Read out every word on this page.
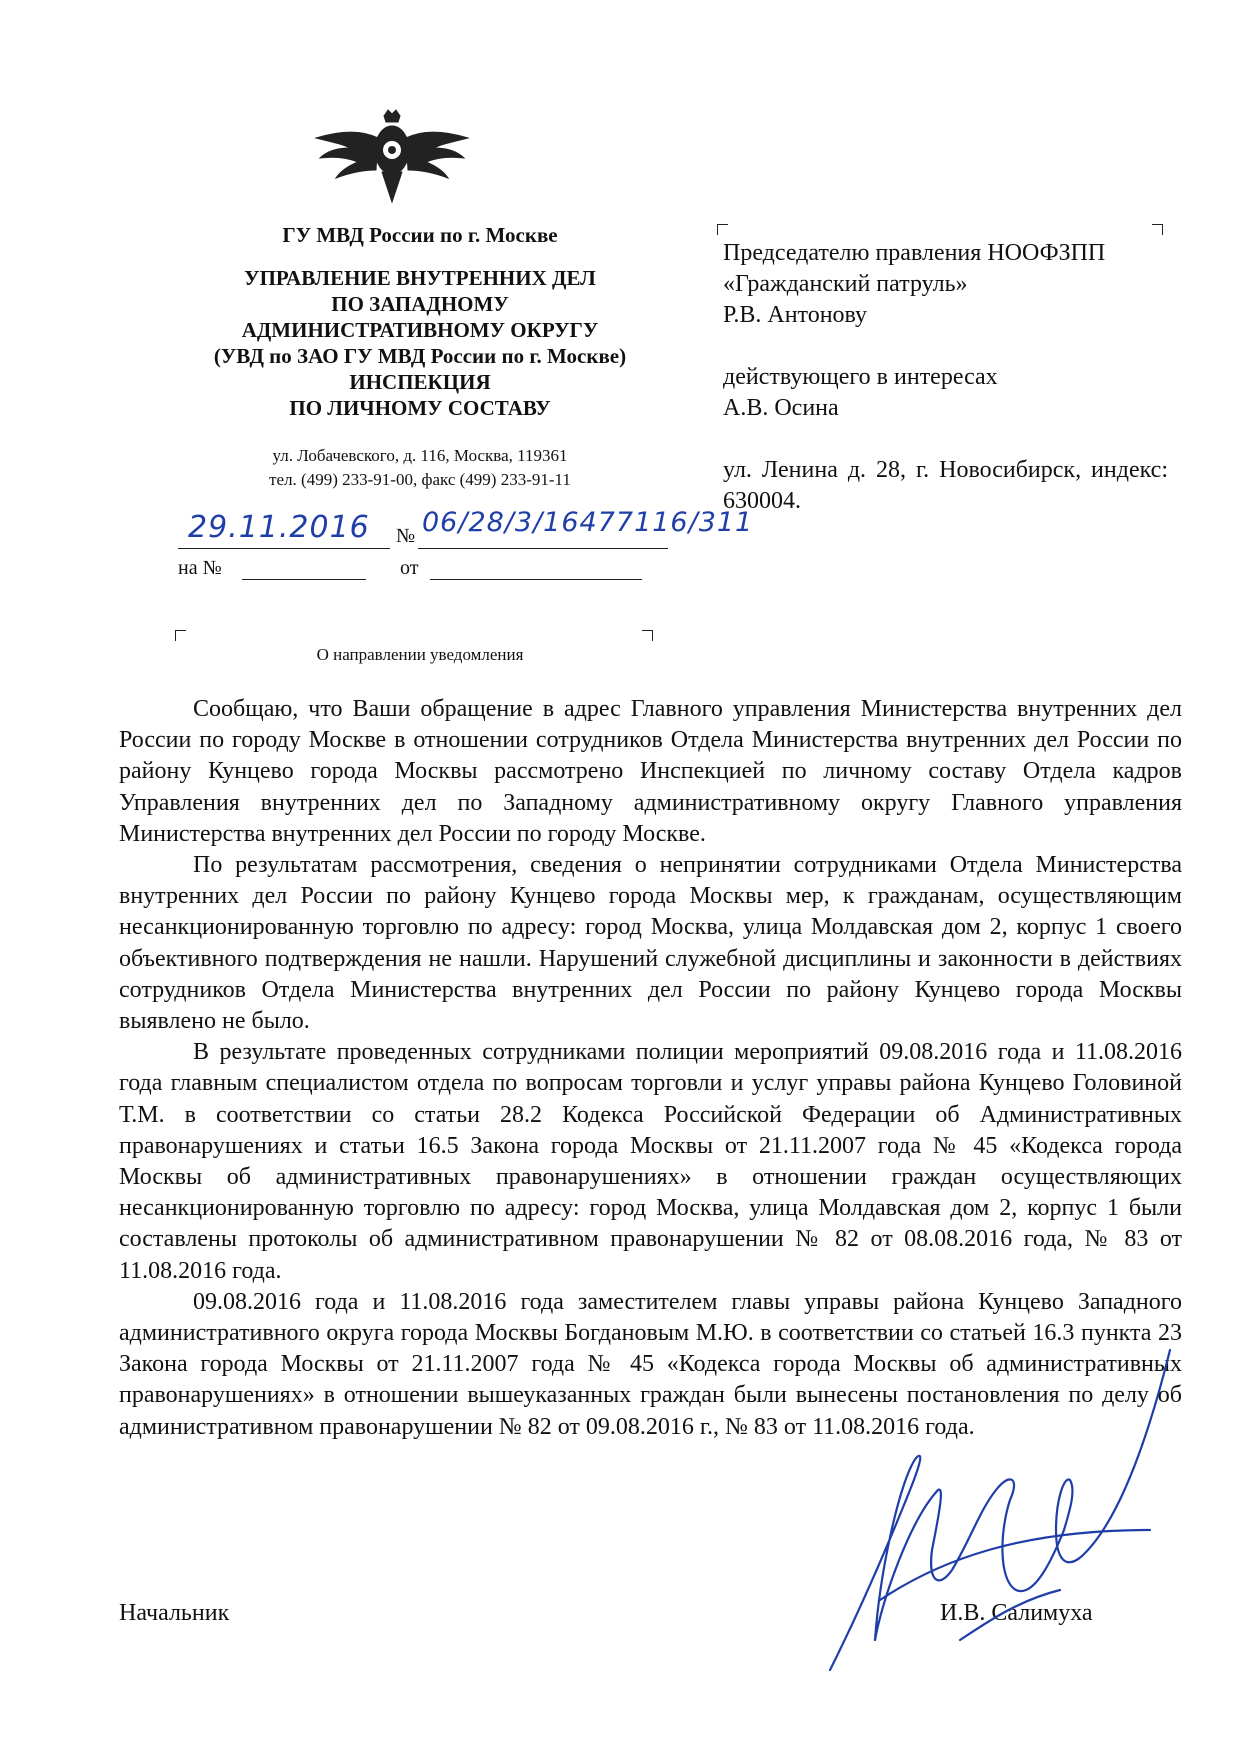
ГУ МВД России по г. Москве
УПРАВЛЕНИЕ ВНУТРЕННИХ ДЕЛ
ПО ЗАПАДНОМУ
АДМИНИСТРАТИВНОМУ ОКРУГУ
(УВД по ЗАО ГУ МВД России по г. Москве)
ИНСПЕКЦИЯ
ПО ЛИЧНОМУ СОСТАВУ
ул. Лобачевского, д. 116, Москва, 119361
тел. (499) 233-91-00, факс (499) 233-91-11
№
на №	от
29.11.2016 06/28/3/16477116/311
Председателю правления НООФЗПП
«Гражданский патруль»
Р.В. Антонову
действующего в интересах
А.В. Осина
ул. Ленина д. 28, г. Новосибирск, индекс: 630004.
О направлении уведомления

Сообщаю, что Ваши обращение в адрес Главного управления Министерства внутренних дел России по городу Москве в отношении сотрудников Отдела Министерства внутренних дел России по району Кунцево города Москвы рассмотрено Инспекцией по личному составу Отдела кадров Управления внутренних дел по Западному административному округу Главного управления Министерства внутренних дел России по городу Москве.

По результатам рассмотрения, сведения о непринятии сотрудниками Отдела Министерства внутренних дел России по району Кунцево города Москвы мер, к гражданам, осуществляющим несанкционированную торговлю по адресу: город Москва, улица Молдавская дом 2, корпус 1 своего объективного подтверждения не нашли. Нарушений служебной дисциплины и законности в действиях сотрудников Отдела Министерства внутренних дел России по району Кунцево города Москвы выявлено не было.

В результате проведенных сотрудниками полиции мероприятий 09.08.2016 года и 11.08.2016 года главным специалистом отдела по вопросам торговли и услуг управы района Кунцево Головиной Т.М. в соответствии со статьи 28.2 Кодекса Российской Федерации об Административных правонарушениях и статьи 16.5 Закона города Москвы от 21.11.2007 года № 45 «Кодекса города Москвы об административных правонарушениях» в отношении граждан осуществляющих несанкционированную торговлю по адресу: город Москва, улица Молдавская дом 2, корпус 1 были составлены протоколы об административном правонарушении № 82 от 08.08.2016 года, № 83 от 11.08.2016 года.

09.08.2016 года и 11.08.2016 года заместителем главы управы района Кунцево Западного административного округа города Москвы Богдановым М.Ю. в соответствии со статьей 16.3 пункта 23 Закона города Москвы от 21.11.2007 года № 45 «Кодекса города Москвы об административных правонарушениях» в отношении вышеуказанных граждан были вынесены постановления по делу об административном правонарушении № 82 от 09.08.2016 г., № 83 от 11.08.2016 года.

Начальник	И.В. Салимуха
